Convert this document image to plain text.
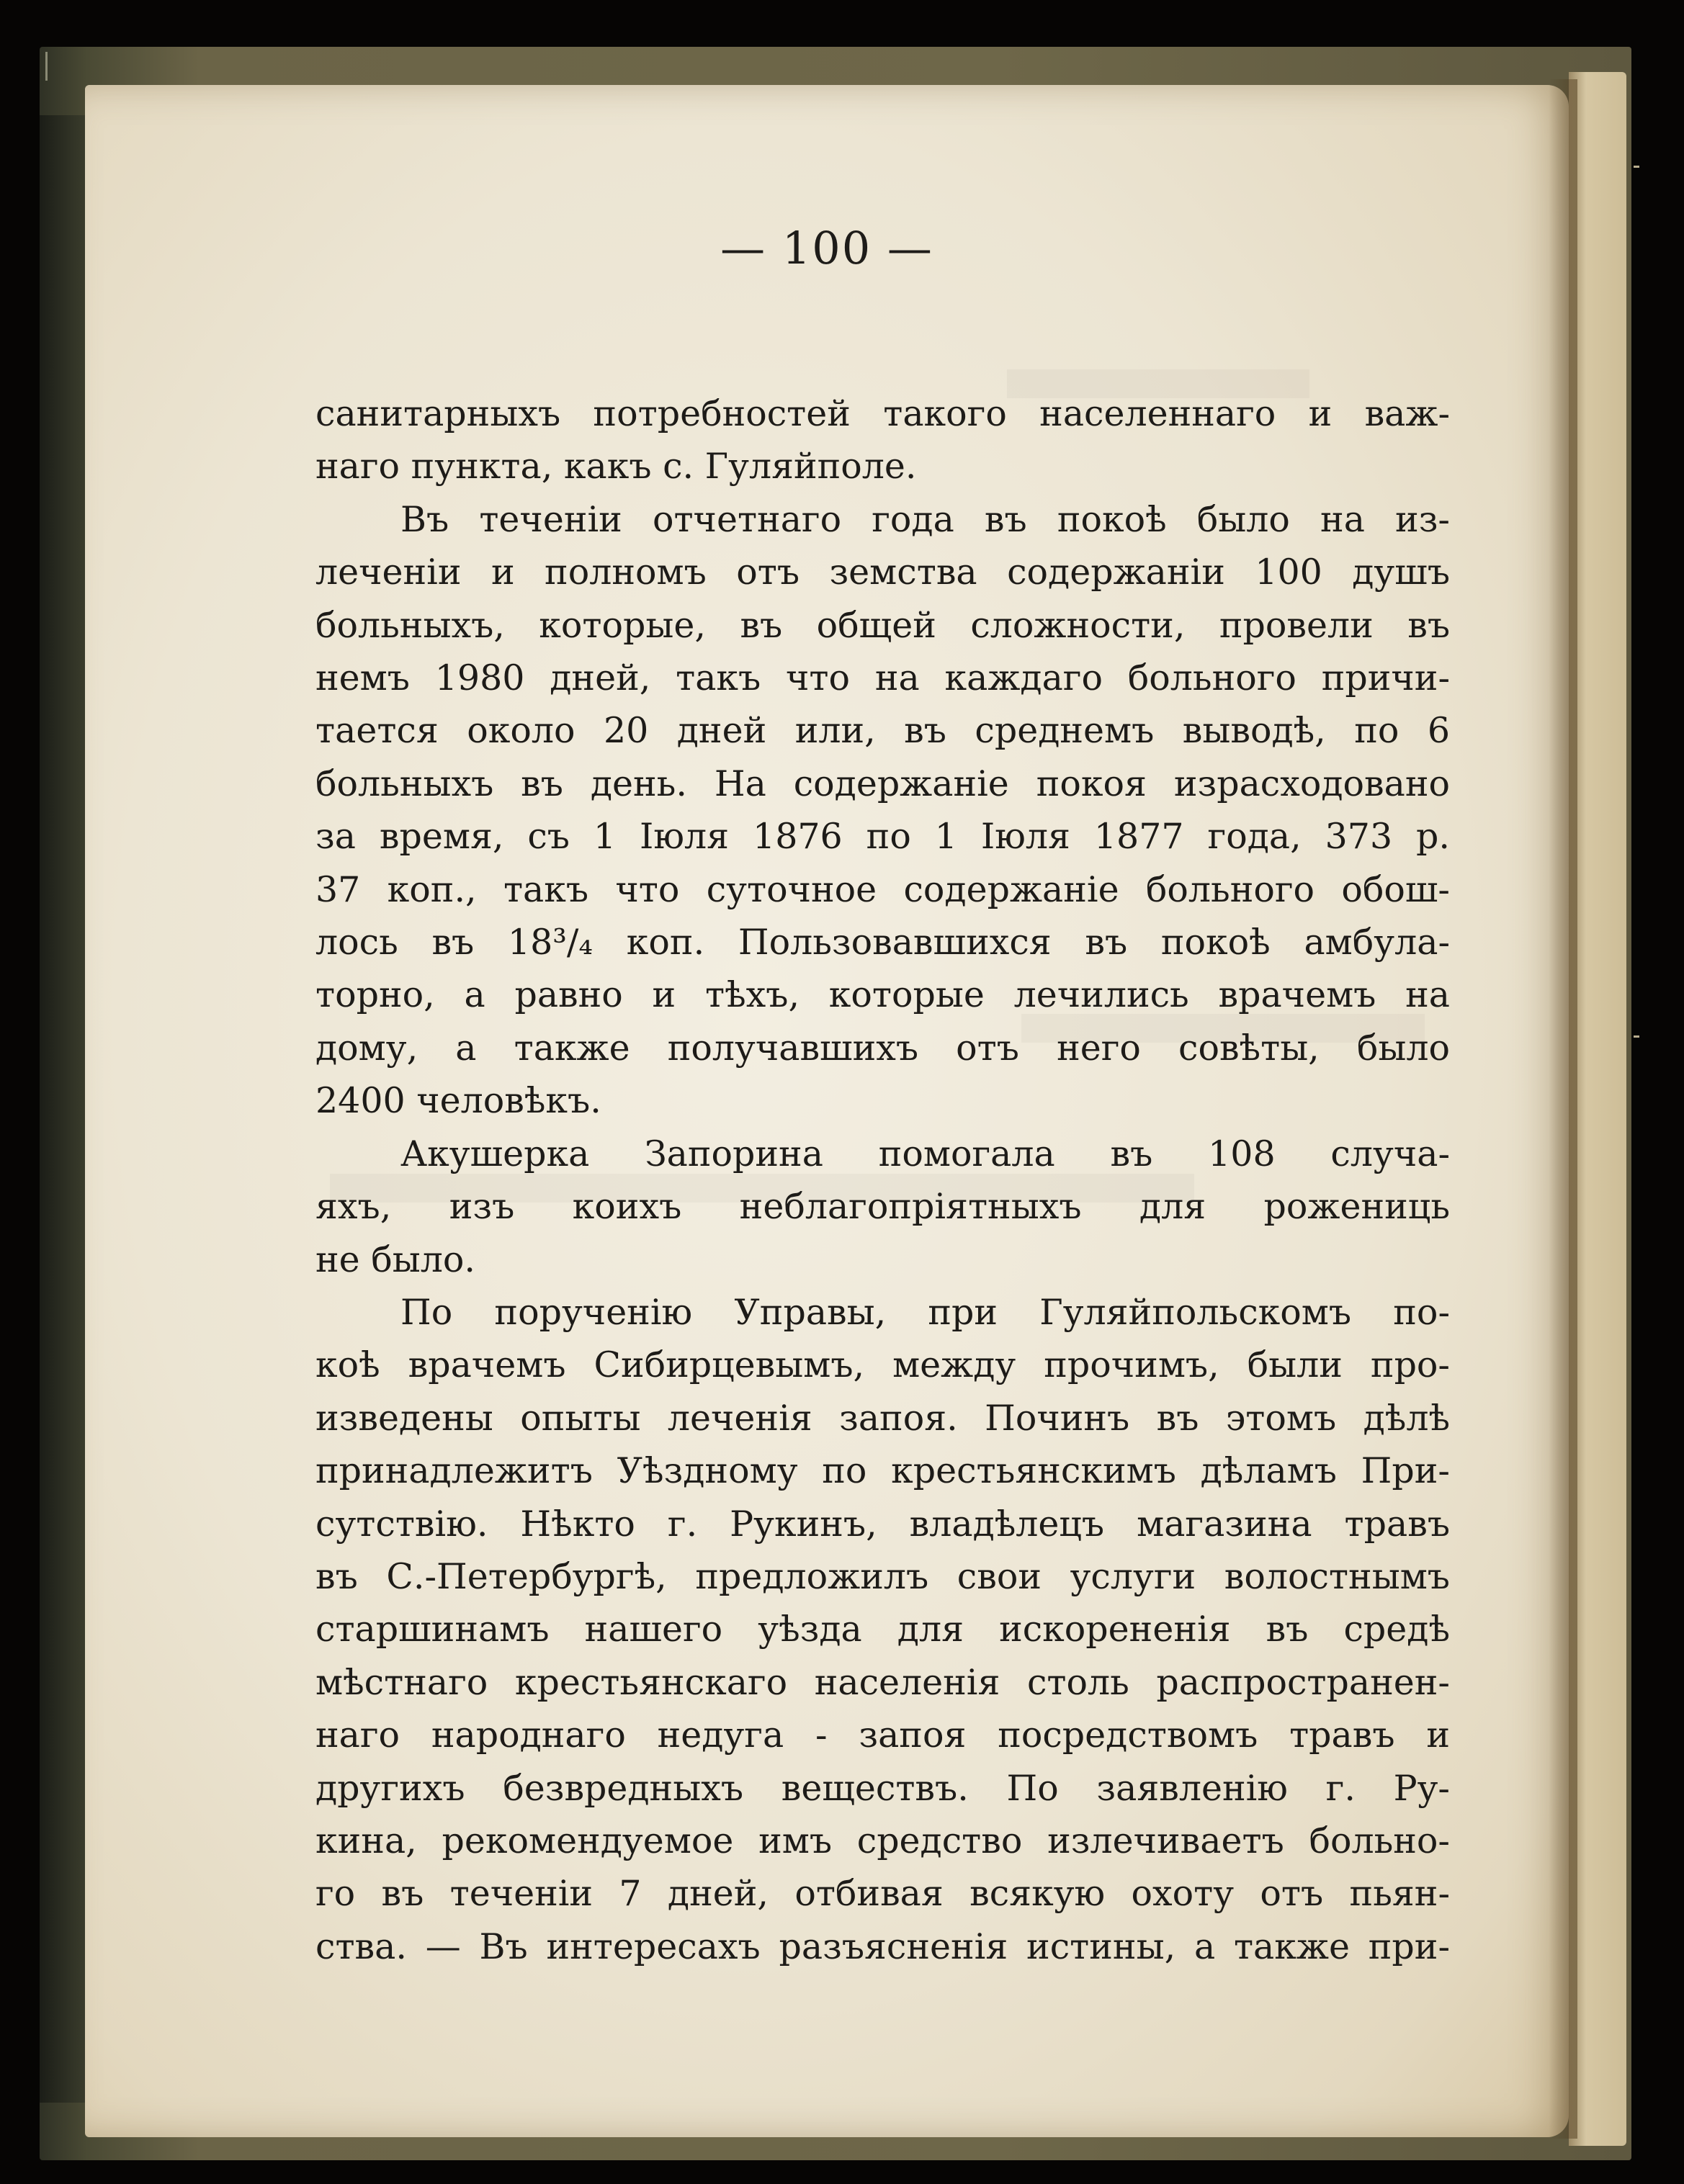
— 100 —
санитарныхъ потребностей такого населеннаго и важ-
наго пункта, какъ с. Гуляйполе.
Въ теченіи отчетнаго года въ покоѣ было на из-
леченіи и полномъ отъ земства содержаніи 100 душъ
больныхъ, которые, въ общей сложности, провели въ
немъ 1980 дней, такъ что на каждаго больного причи-
тается около 20 дней или, въ среднемъ выводѣ, по 6
больныхъ въ день. На содержаніе покоя израсходовано
за время, съ 1 Іюля 1876 по 1 Іюля 1877 года, 373 р.
37 коп., такъ что суточное содержаніе больного обош-
лось въ 18³/₄ коп. Пользовавшихся въ покоѣ амбула-
торно, а равно и тѣхъ, которые лечились врачемъ на
дому, а также получавшихъ отъ него совѣты, было
2400 человѣкъ.
Акушерка Запорина помогала въ 108 случа-
яхъ, изъ коихъ неблагопріятныхъ для рожениць
не было.
По порученію Управы, при Гуляйпольскомъ по-
коѣ врачемъ Сибирцевымъ, между прочимъ, были про-
изведены опыты леченія запоя. Починъ въ этомъ дѣлѣ
принадлежитъ Уѣздному по крестьянскимъ дѣламъ При-
сутствію. Нѣкто г. Рукинъ, владѣлецъ магазина травъ
въ С.-Петербургѣ, предложилъ свои услуги волостнымъ
старшинамъ нашего уѣзда для искорененія въ средѣ
мѣстнаго крестьянскаго населенія столь распространен-
наго народнаго недуга - запоя посредствомъ травъ и
другихъ безвредныхъ веществъ. По заявленію г. Ру-
кина, рекомендуемое имъ средство излечиваетъ больно-
го въ теченіи 7 дней, отбивая всякую охоту отъ пьян-
ства. — Въ интересахъ разъясненія истины, а также при-
